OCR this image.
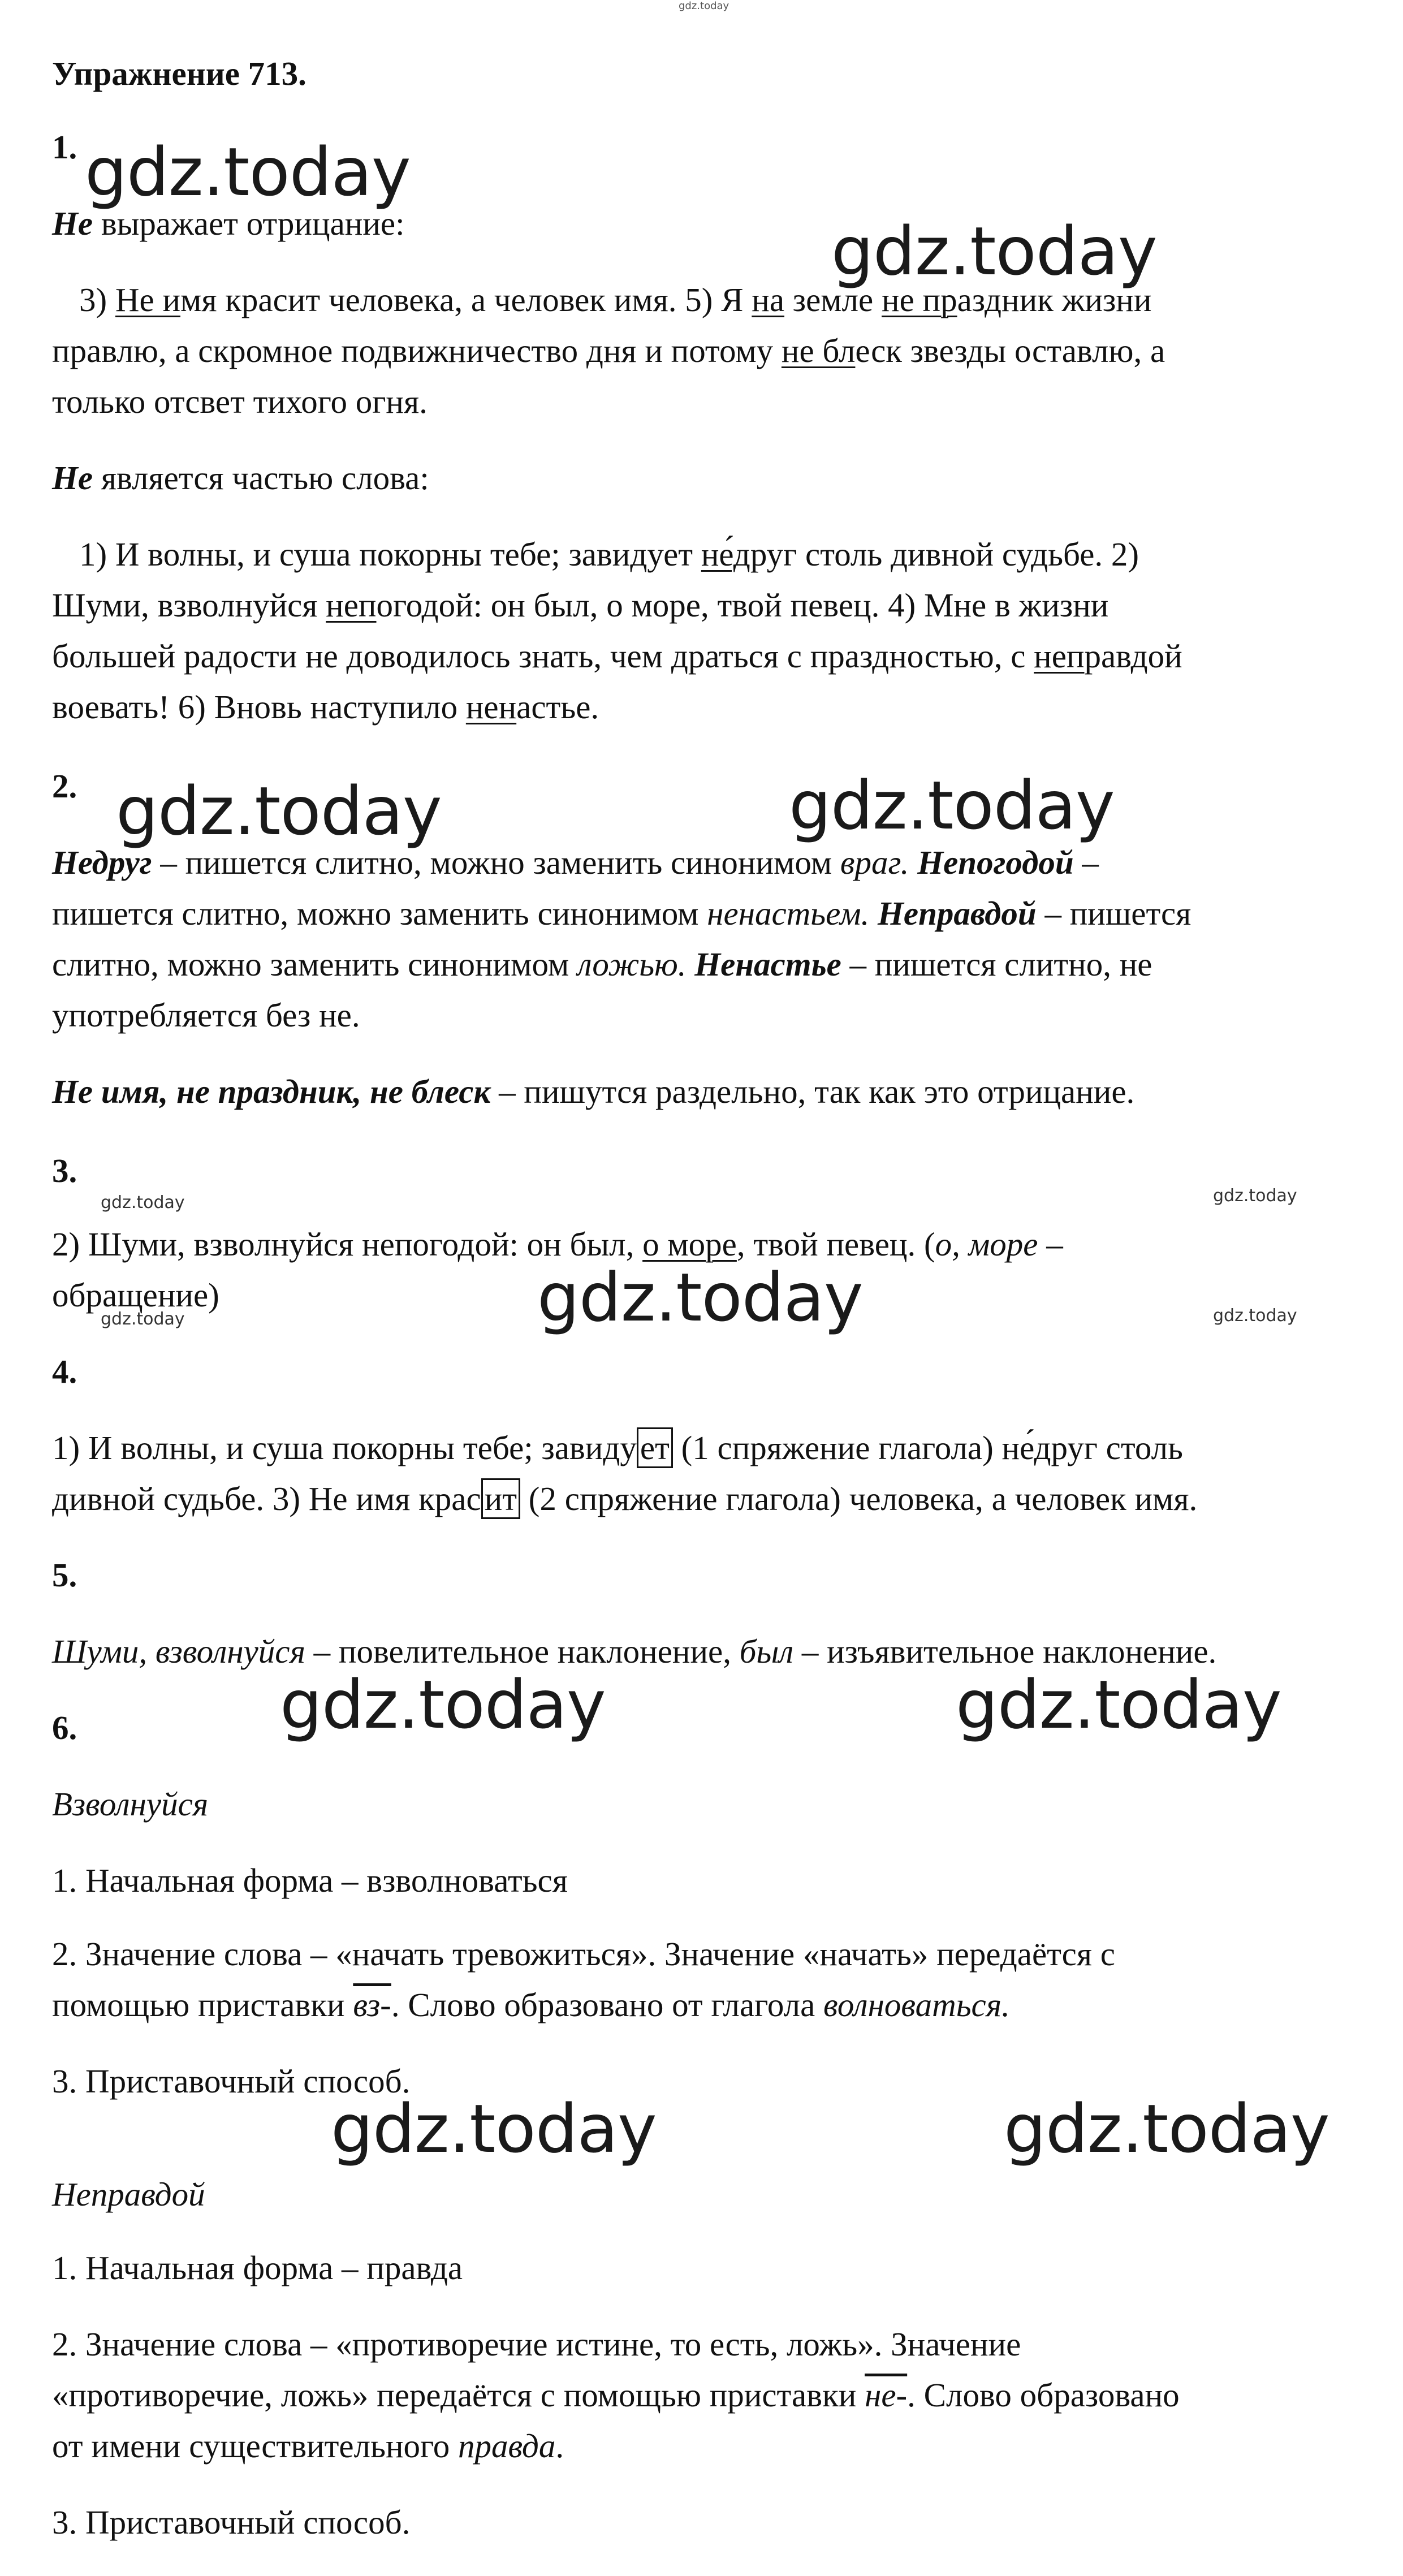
gdz.today
Упражнение 713.
1.
Не выражает отрицание:
3) Не имя красит человека, а человек имя. 5) Я на земле не праздник жизни
правлю, а скромное подвижничество дня и потому не блеск звезды оставлю, а
только отсвет тихого огня.
Не является частью слова:
1) И волны, и суша покорны тебе; завидует не́друг столь дивной судьбе. 2)
Шуми, взволнуйся непогодой: он был, о море, твой певец. 4) Мне в жизни
большей радости не доводилось знать, чем драться с праздностью, с неправдой
воевать! 6) Вновь наступило ненастье.
2.
Недруг – пишется слитно, можно заменить синонимом враг. Непогодой –
пишется слитно, можно заменить синонимом ненастьем. Неправдой – пишется
слитно, можно заменить синонимом ложью. Ненастье – пишется слитно, не
употребляется без не.
Не имя, не праздник, не блеск – пишутся раздельно, так как это отрицание.
3.
2) Шуми, взволнуйся непогодой: он был, о море, твой певец. (о, море –
обращение)
4.
1) И волны, и суша покорны тебе; завиду ет (1 спряжение глагола) не́друг столь
дивной судьбе. 3) Не имя крас ит (2 спряжение глагола) человека, а человек имя.
5.
Шуми, взволнуйся – повелительное наклонение, был – изъявительное наклонение.
6.
Взволнуйся
1. Начальная форма – взволноваться
2. Значение слова – «начать тревожиться». Значение «начать» передаётся с
помощью приставки вз-. Слово образовано от глагола волноваться.
3. Приставочный способ.
Неправдой
1. Начальная форма – правда
2. Значение слова – «противоречие истине, то есть, ложь». Значение
«противоречие, ложь» передаётся с помощью приставки не-. Слово образовано
от имени существительного правда.
3. Приставочный способ.
gdz.today
gdz.today
gdz.today	gdz.today
gdz.today	gdz.today
gdz.today
gdz.today	gdz.today
gdz.today	gdz.today
gdz.today	gdz.today
